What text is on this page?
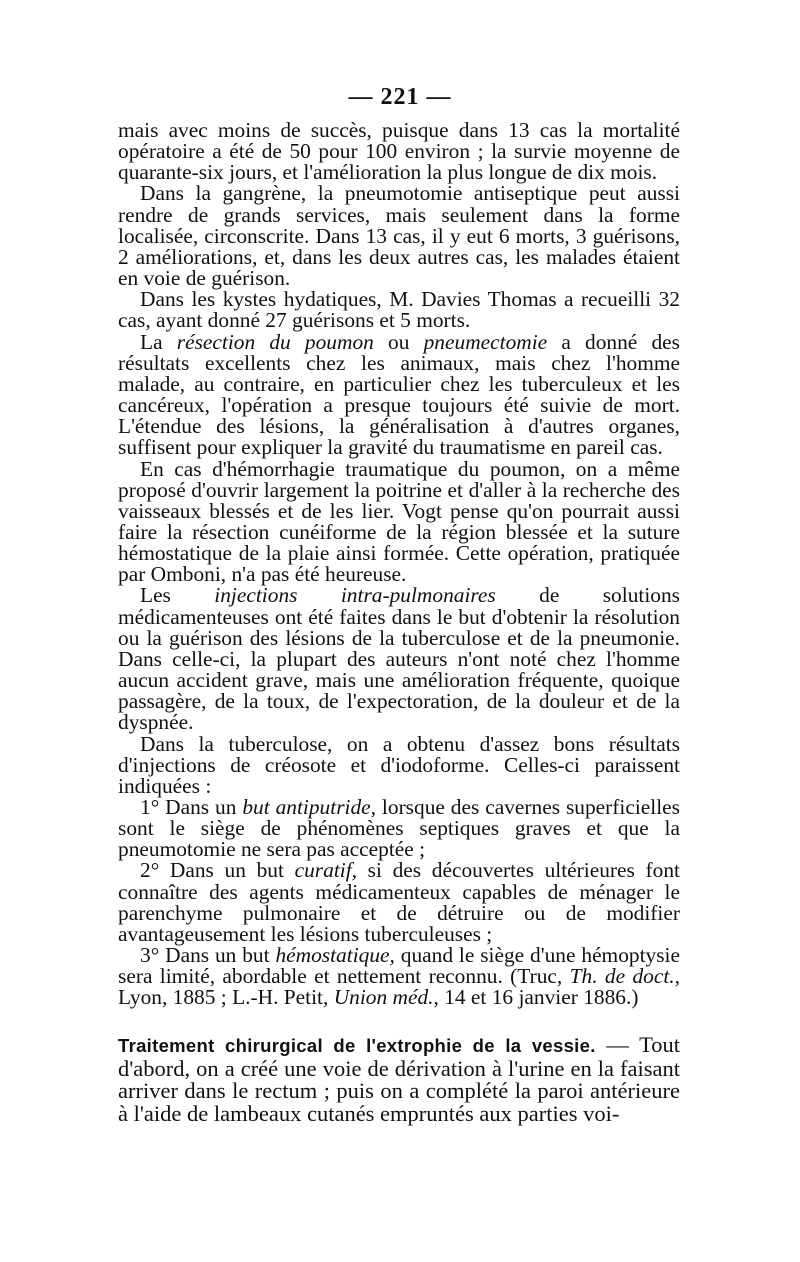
— 221 —

mais avec moins de succès, puisque dans 13 cas la mortalité opératoire a été de 50 pour 100 environ ; la survie moyenne de quarante-six jours, et l'amélioration la plus longue de dix mois.

Dans la gangrène, la pneumotomie antiseptique peut aussi rendre de grands services, mais seulement dans la forme localisée, circonscrite. Dans 13 cas, il y eut 6 morts, 3 guérisons, 2 améliorations, et, dans les deux autres cas, les malades étaient en voie de guérison.

Dans les kystes hydatiques, M. Davies Thomas a recueilli 32 cas, ayant donné 27 guérisons et 5 morts.

La résection du poumon ou pneumectomie a donné des résultats excellents chez les animaux, mais chez l'homme malade, au contraire, en particulier chez les tuberculeux et les cancéreux, l'opération a presque toujours été suivie de mort. L'étendue des lésions, la généralisation à d'autres organes, suffisent pour expliquer la gravité du traumatisme en pareil cas.

En cas d'hémorrhagie traumatique du poumon, on a même proposé d'ouvrir largement la poitrine et d'aller à la recherche des vaisseaux blessés et de les lier. Vogt pense qu'on pourrait aussi faire la résection cunéiforme de la région blessée et la suture hémostatique de la plaie ainsi formée. Cette opération, pratiquée par Omboni, n'a pas été heureuse.

Les injections intra-pulmonaires de solutions médicamenteuses ont été faites dans le but d'obtenir la résolution ou la guérison des lésions de la tuberculose et de la pneumonie. Dans celle-ci, la plupart des auteurs n'ont noté chez l'homme aucun accident grave, mais une amélioration fréquente, quoique passagère, de la toux, de l'expectoration, de la douleur et de la dyspnée.

Dans la tuberculose, on a obtenu d'assez bons résultats d'injections de créosote et d'iodoforme. Celles-ci paraissent indiquées :

1° Dans un but antiputride, lorsque des cavernes superficielles sont le siège de phénomènes septiques graves et que la pneumotomie ne sera pas acceptée ;

2° Dans un but curatif, si des découvertes ultérieures font connaître des agents médicamenteux capables de ménager le parenchyme pulmonaire et de détruire ou de modifier avantageusement les lésions tuberculeuses ;

3° Dans un but hémostatique, quand le siège d'une hémoptysie sera limité, abordable et nettement reconnu. (Truc, Th. de doct., Lyon, 1885 ; L.-H. Petit, Union méd., 14 et 16 janvier 1886.)

Traitement chirurgical de l'extrophie de la vessie. — Tout d'abord, on a créé une voie de dérivation à l'urine en la faisant arriver dans le rectum ; puis on a complété la paroi antérieure à l'aide de lambeaux cutanés empruntés aux parties voi-
